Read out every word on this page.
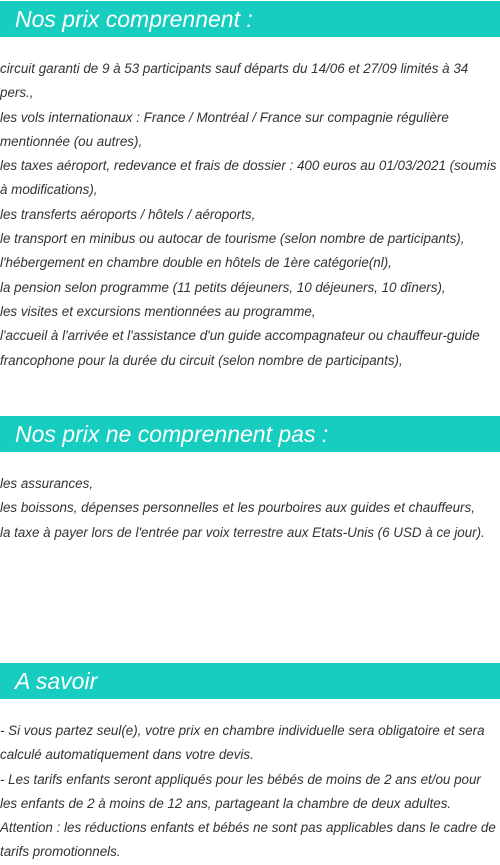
Nos prix comprennent :
circuit garanti de 9 à 53 participants sauf départs du 14/06 et 27/09 limités à 34 pers.,
les vols internationaux : France / Montréal / France sur compagnie régulière mentionnée (ou autres),
les taxes aéroport, redevance et frais de dossier : 400 euros au 01/03/2021 (soumis à modifications),
les transferts aéroports / hôtels / aéroports,
le transport en minibus ou autocar de tourisme (selon nombre de participants),
l'hébergement en chambre double en hôtels de 1ère catégorie(nl),
la pension selon programme (11 petits déjeuners, 10 déjeuners, 10 dîners),
les visites et excursions mentionnées au programme,
l'accueil à l'arrivée et l'assistance d'un guide accompagnateur ou chauffeur-guide francophone pour la durée du circuit (selon nombre de participants),
Nos prix ne comprennent pas :
les assurances,
les boissons, dépenses personnelles et les pourboires aux guides et chauffeurs,
la taxe à payer lors de l'entrée par voix terrestre aux Etats-Unis (6 USD à ce jour).
A savoir
- Si vous partez seul(e), votre prix en chambre individuelle sera obligatoire et sera calculé automatiquement dans votre devis.
- Les tarifs enfants seront appliqués pour les bébés de moins de 2 ans et/ou pour les enfants de 2 à moins de 12 ans, partageant la chambre de deux adultes.
Attention : les réductions enfants et bébés ne sont pas applicables dans le cadre de tarifs promotionnels.
